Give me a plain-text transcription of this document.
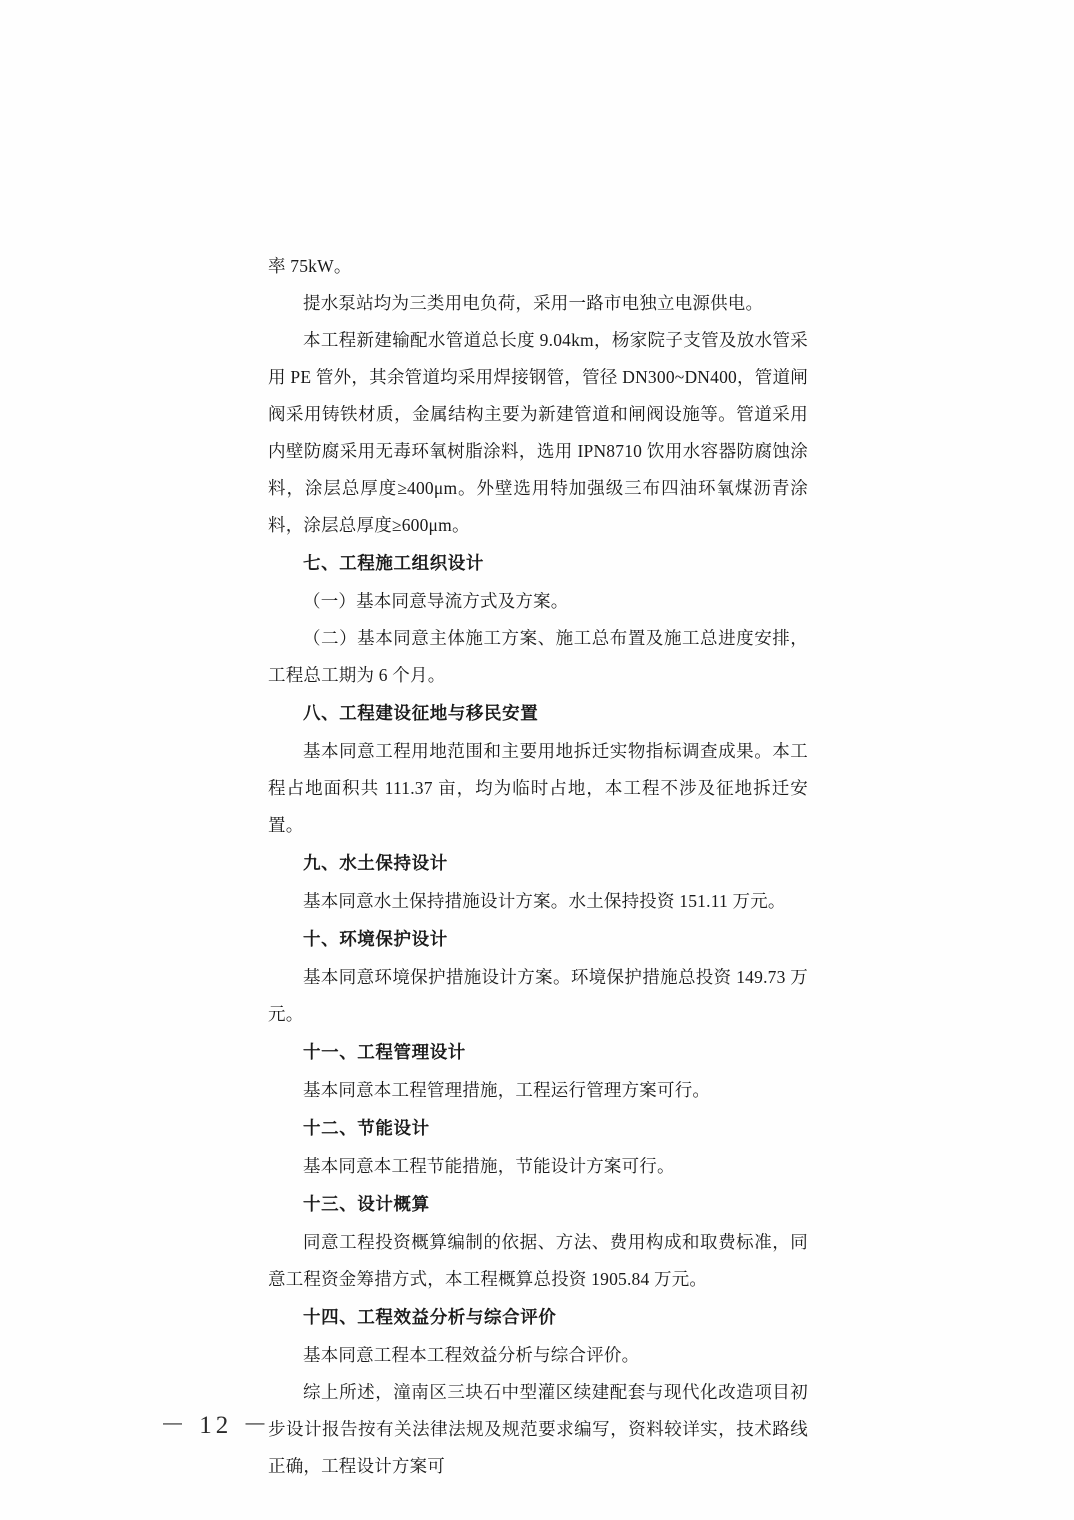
率 75kW。

提水泵站均为三类用电负荷，采用一路市电独立电源供电。

本工程新建输配水管道总长度 9.04km，杨家院子支管及放水管采用 PE 管外，其余管道均采用焊接钢管，管径 DN300~DN400，管道闸阀采用铸铁材质，金属结构主要为新建管道和闸阀设施等。管道采用内壁防腐采用无毒环氧树脂涂料，选用 IPN8710 饮用水容器防腐蚀涂料，涂层总厚度≥400μm。外壁选用特加强级三布四油环氧煤沥青涂料，涂层总厚度≥600μm。

七、工程施工组织设计

（一）基本同意导流方式及方案。

（二）基本同意主体施工方案、施工总布置及施工总进度安排，工程总工期为 6 个月。

八、工程建设征地与移民安置

基本同意工程用地范围和主要用地拆迁实物指标调查成果。本工程占地面积共 111.37 亩，均为临时占地，本工程不涉及征地拆迁安置。

九、水土保持设计

基本同意水土保持措施设计方案。水土保持投资 151.11 万元。

十、环境保护设计

基本同意环境保护措施设计方案。环境保护措施总投资 149.73 万元。

十一、工程管理设计

基本同意本工程管理措施，工程运行管理方案可行。

十二、节能设计

基本同意本工程节能措施，节能设计方案可行。

十三、设计概算

同意工程投资概算编制的依据、方法、费用构成和取费标准，同意工程资金筹措方式，本工程概算总投资 1905.84 万元。

十四、工程效益分析与综合评价

基本同意工程本工程效益分析与综合评价。

综上所述，潼南区三块石中型灌区续建配套与现代化改造项目初步设计报告按有关法律法规及规范要求编写，资料较详实，技术路线正确，工程设计方案可

－ 12 －
